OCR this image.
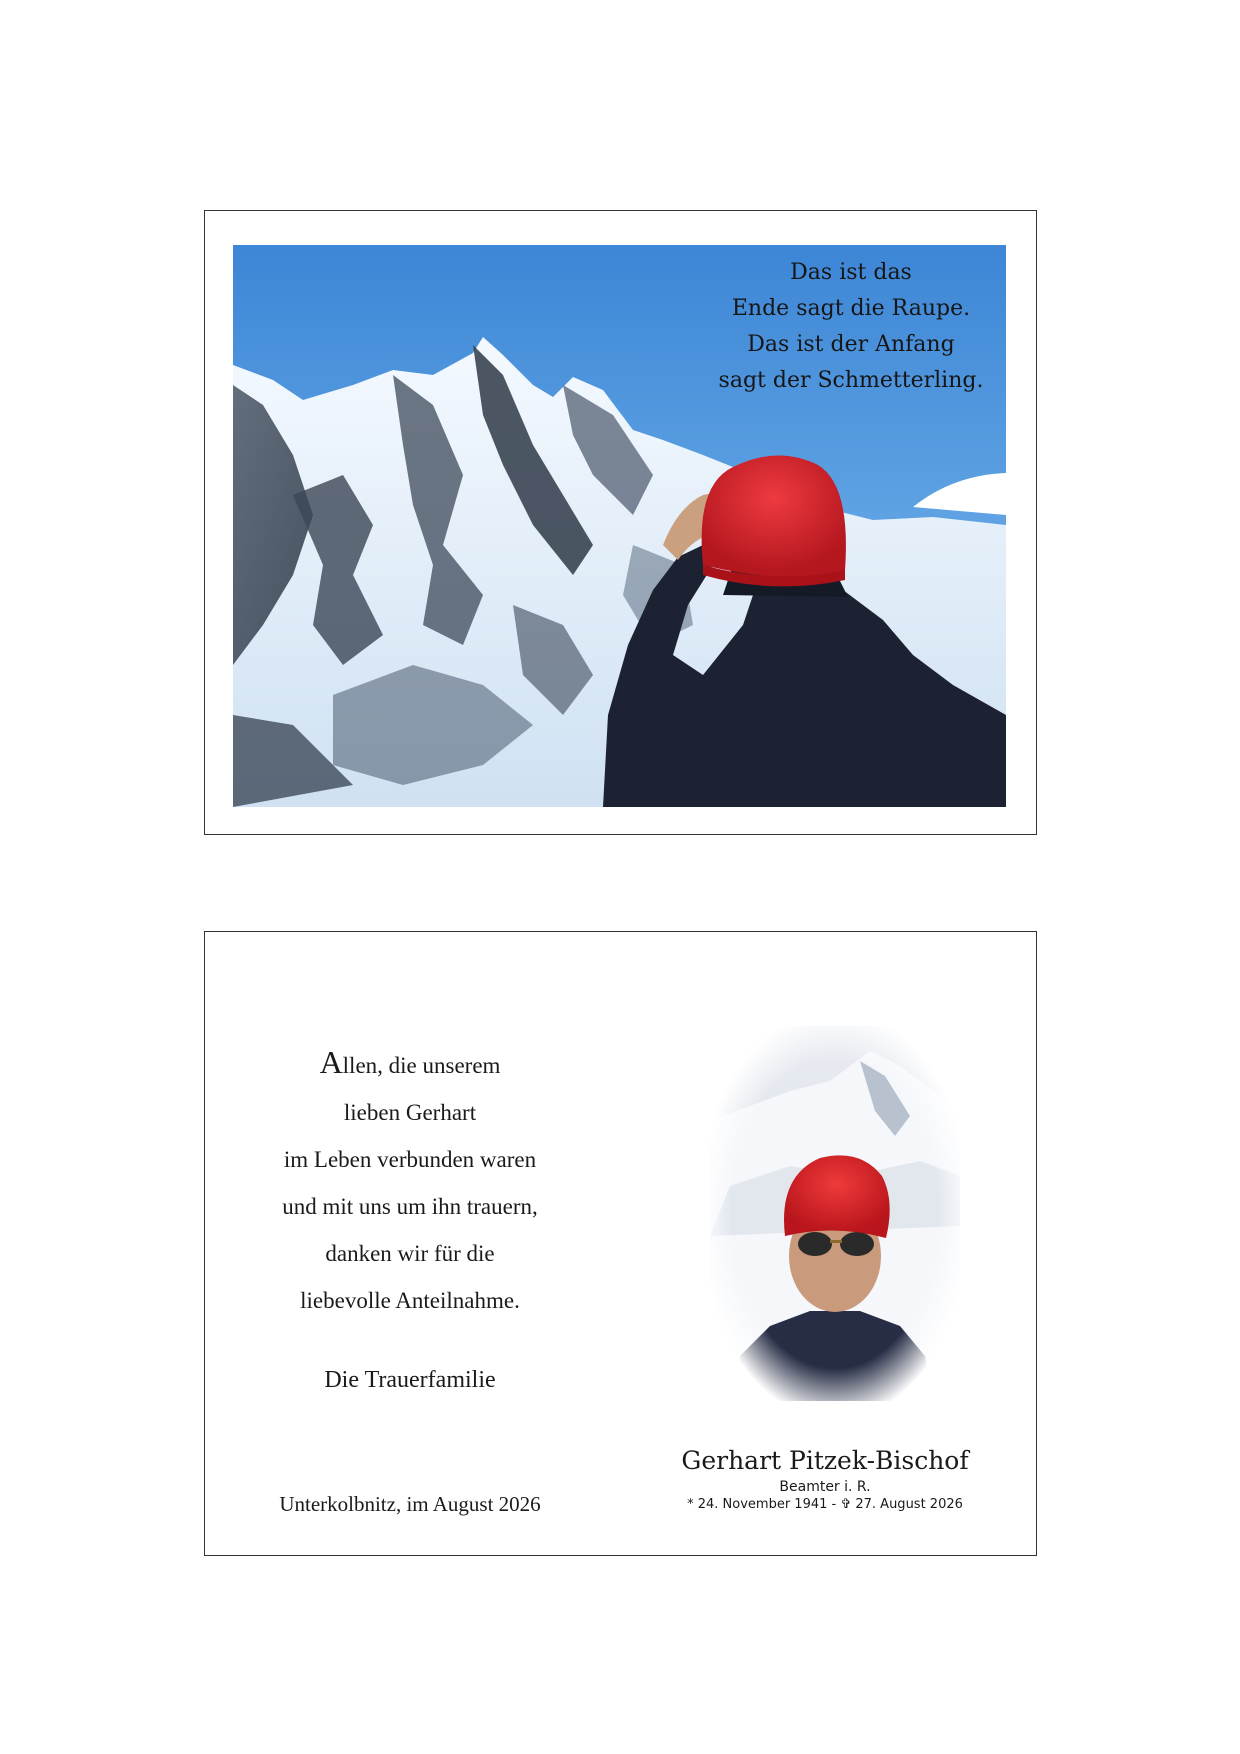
Das ist das
Ende sagt die Raupe.
Das ist der Anfang
sagt der Schmetterling.
Allen, die unserem
lieben Gerhart
im Leben verbunden waren
und mit uns um ihn trauern,
danken wir für die
liebevolle Anteilnahme.
Die Trauerfamilie
Unterkolbnitz, im August 2026
Gerhart Pitzek-Bischof
Beamter i. R.
* 24. November 1941 - ✞ 27. August 2026
